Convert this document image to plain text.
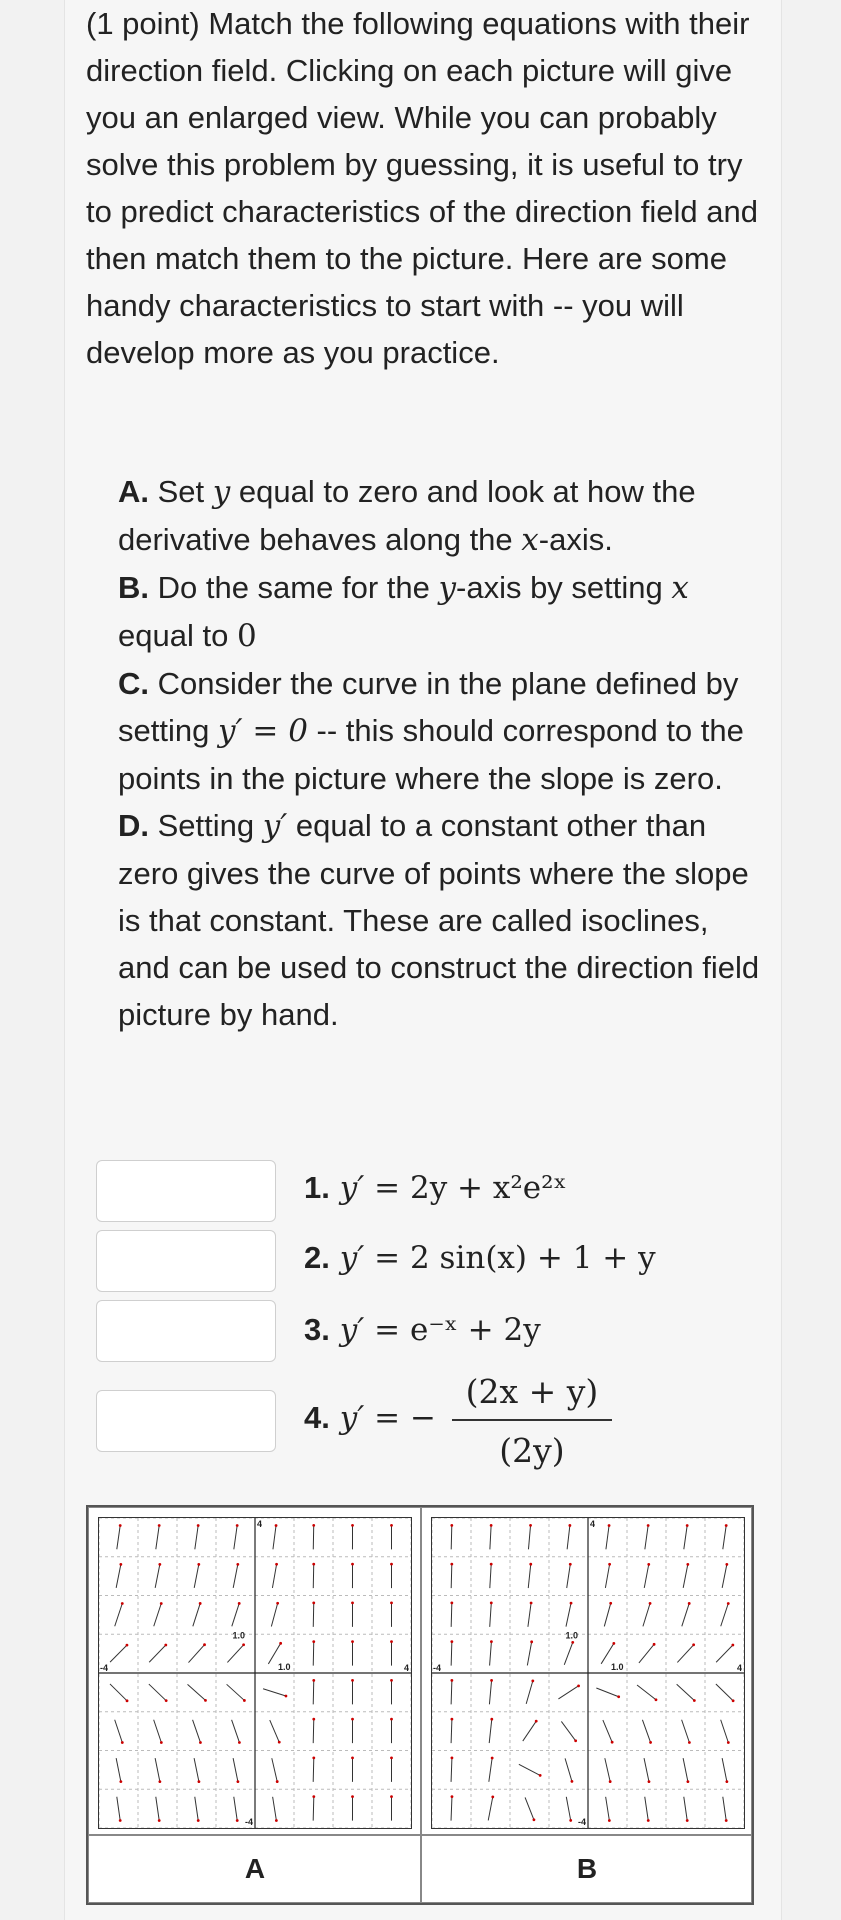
(1 point) Match the following equations with their direction field. Clicking on each picture will give you an enlarged view. While you can probably solve this problem by guessing, it is useful to try to predict characteristics of the direction field and then match them to the picture. Here are some handy characteristics to start with -- you will develop more as you practice.

A. Set y equal to zero and look at how the derivative behaves along the x-axis.

B. Do the same for the y-axis by setting x equal to 0

C. Consider the curve in the plane defined by setting y′ = 0 -- this should correspond to the points in the picture where the slope is zero.

D. Setting y′ equal to a constant other than zero gives the curve of points where the slope is that constant. These are called isoclines, and can be used to construct the direction field picture by hand.

1. y′ = 2y + x²e²ˣ
2. y′ = 2 sin(x) + 1 + y
3. y′ = e⁻ˣ + 2y
4. y′ = −
(2x + y)
(2y)
4
-4
-4	4
1.0
1.0
4
-4
-4	4
1.0
1.0
A	B
